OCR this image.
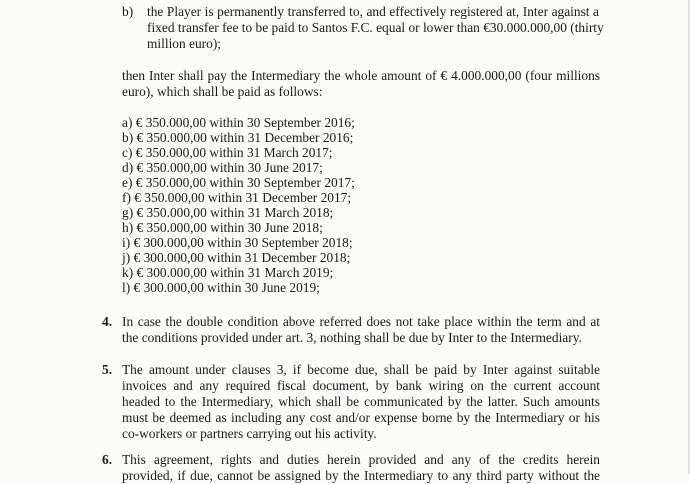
b) the Player is permanently transferred to, and effectively registered at, Inter against a
fixed transfer fee to be paid to Santos F.C. equal or lower than €30.000.000,00 (thirty
million euro);
then Inter shall pay the Intermediary the whole amount of € 4.000.000,00 (four millions
euro), which shall be paid as follows:
a) € 350.000,00 within 30 September 2016;
b) € 350.000,00 within 31 December 2016;
c) € 350.000,00 within 31 March 2017;
d) € 350.000,00 within 30 June 2017;
e) € 350.000,00 within 30 September 2017;
f) € 350.000,00 within 31 December 2017;
g) € 350.000,00 within 31 March 2018;
h) € 350.000,00 within 30 June 2018;
i) € 300.000,00 within 30 September 2018;
j) € 300.000,00 within 31 December 2018;
k) € 300.000,00 within 31 March 2019;
l) € 300.000,00 within 30 June 2019;
4. In case the double condition above referred does not take place within the term and at
the conditions provided under art. 3, nothing shall be due by Inter to the Intermediary.
5. The amount under clauses 3, if become due, shall be paid by Inter against suitable
invoices and any required fiscal document, by bank wiring on the current account
headed to the Intermediary, which shall be communicated by the latter. Such amounts
must be deemed as including any cost and/or expense borne by the Intermediary or his
co-workers or partners carrying out his activity.
6. This agreement, rights and duties herein provided and any of the credits herein
provided, if due, cannot be assigned by the Intermediary to any third party without the
